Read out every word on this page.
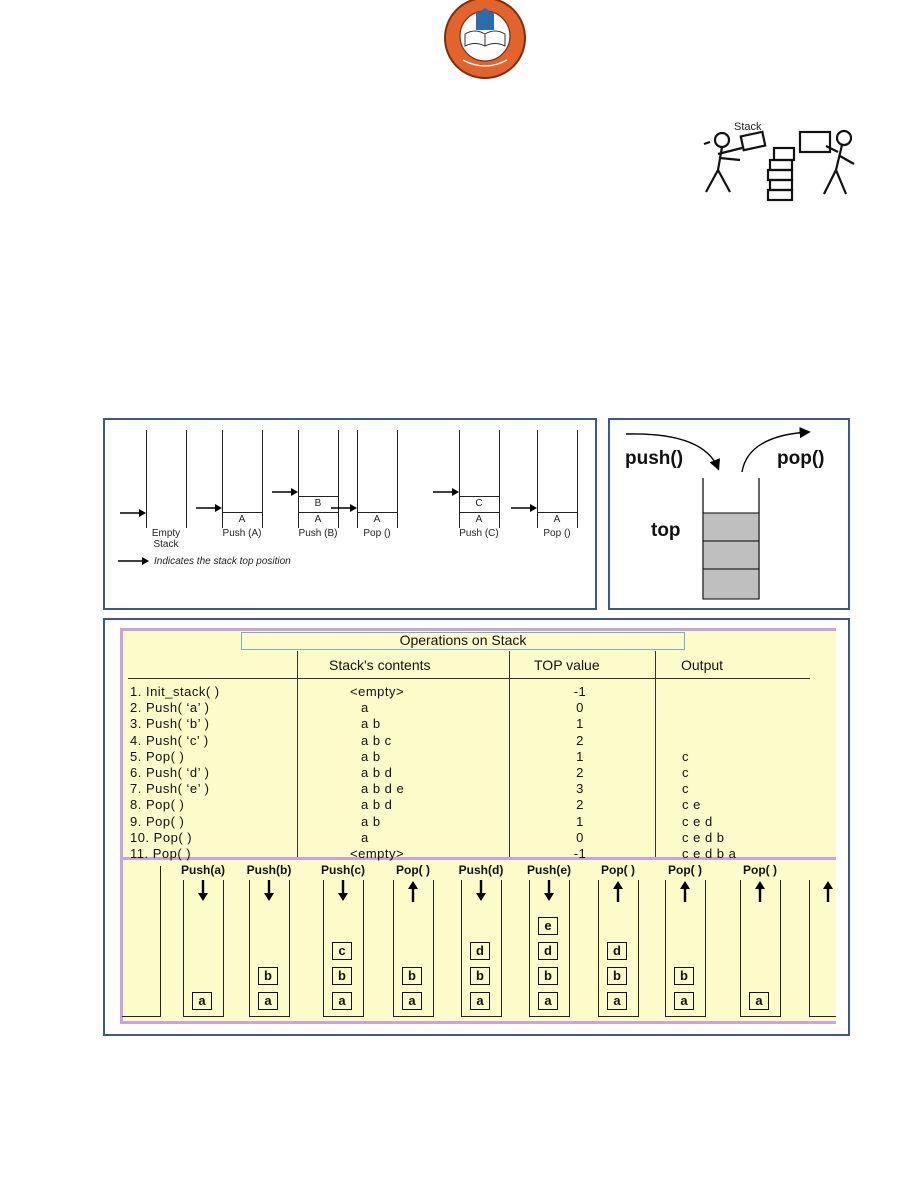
Stack
Empty
Stack
A
Push (A)
A
B
Push (B)
A
Pop ()
A
C
Push (C)
A
Pop ()
Indicates the stack top position
push()	pop()
top
Operations on Stack
Stack's contents	TOP value	Output
1. Init_stack( )	<empty>	-1
2. Push( ‘a’ )	a	0
3. Push( ‘b’ )	a b	1
4. Push( ‘c’ )	a b c	2
5. Pop( )	a b	1	c
6. Push( ‘d’ )	a b d	2	c
7. Push( ‘e’ )	a b d e	3	c
8. Pop( )	a b d	2	c e
9. Pop( )	a b	1	c e d
10. Pop( )	a	0	c e d b
11. Pop( )	<empty>	-1	c e d b a
Push(a)
a
Push(b)
a
b
Push(c)
a
b
c
Pop( )
a
b
Push(d)
a
b
d
Push(e)
a
b
d
e
Pop( )
a
b
d
Pop( )
a
b
Pop( )
a
